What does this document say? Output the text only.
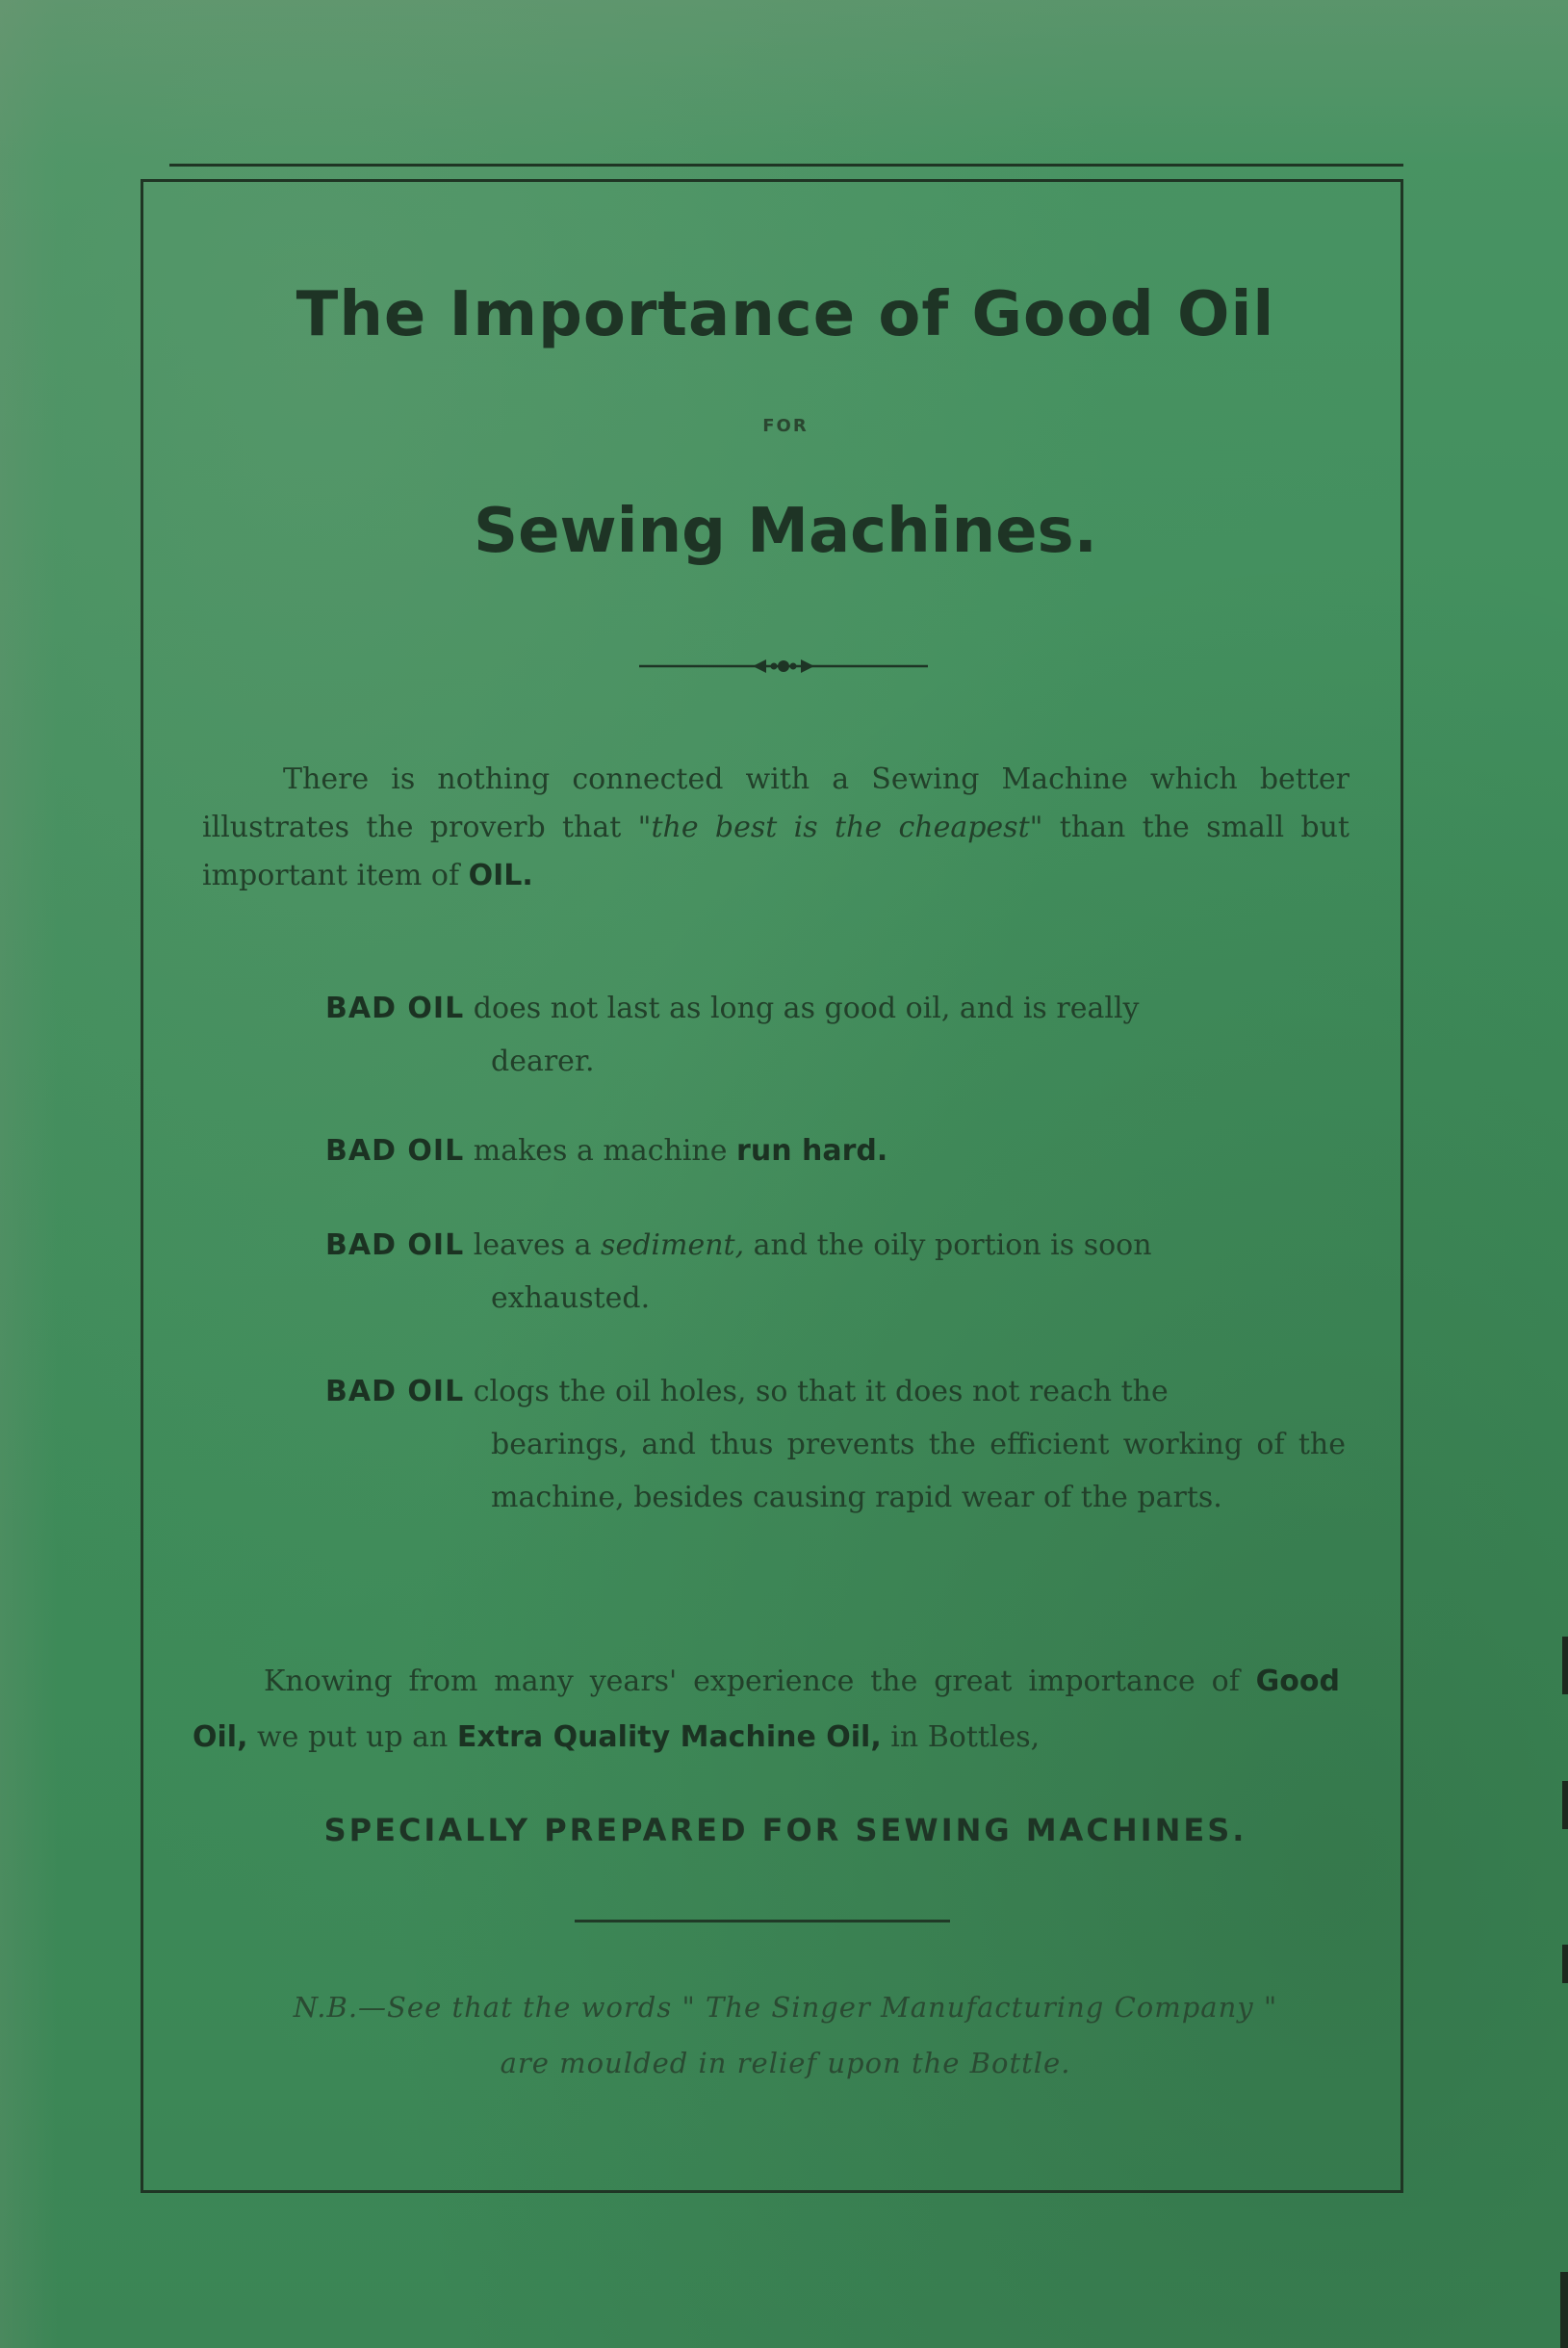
The Importance of Good Oil
FOR
Sewing Machines.
There is nothing connected with a Sewing Machine which better illustrates the proverb that "the best is the cheapest" than the small but important item of OIL.
BAD OIL does not last as long as good oil, and is really
dearer.
BAD OIL makes a machine run hard.
BAD OIL leaves a sediment, and the oily portion is soon
exhausted.
BAD OIL clogs the oil holes, so that it does not reach the
bearings, and thus prevents the efficient working of the machine, besides causing rapid wear of the parts.
Knowing from many years' experience the great importance of Good Oil, we put up an Extra Quality Machine Oil, in Bottles,
SPECIALLY PREPARED FOR SEWING MACHINES.
N.B.—See that the words " The Singer Manufacturing Company "
are moulded in relief upon the Bottle.
